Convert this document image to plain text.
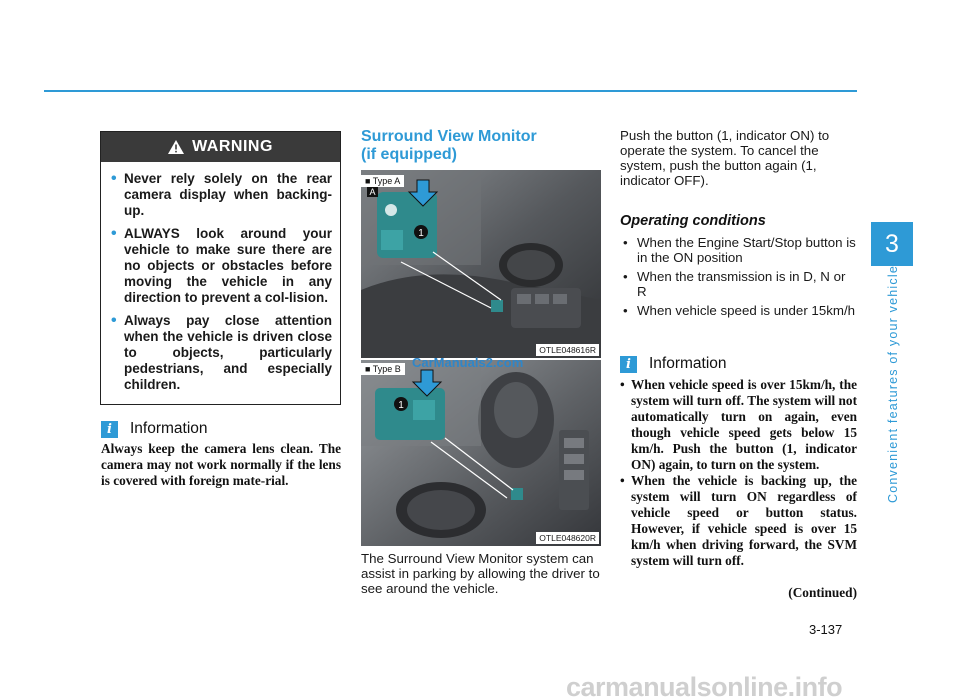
3
Convenient features of your vehicle
WARNING
• Never rely solely on the rear camera display when backing-up.
• ALWAYS look around your vehicle to make sure there are no objects or obstacles before moving the vehicle in any direction to prevent a col-lision.
• Always pay close attention when the vehicle is driven close to objects, particularly pedestrians, and especially children.
i	Information

Always keep the camera lens clean. The camera may not work normally if the lens is covered with foreign mate-rial.

Surround View Monitor
(if equipped)
1
A
■ Type A
OTLE048616R
1
■ Type B
OTLE048620R
CarManuals2.com

The Surround View Monitor system can assist in parking by allowing the driver to see around the vehicle.

Push the button (1, indicator ON) to operate the system. To cancel the system, push the button again (1, indicator OFF).

Operating conditions
• When the Engine Start/Stop button is in the ON position
• When the transmission is in D, N or R
• When vehicle speed is under 15km/h
i	Information
• When vehicle speed is over 15km/h, the system will turn off. The system will not automatically turn on again, even though vehicle speed gets below 15 km/h. Push the button (1, indicator ON) again, to turn on the system.
• When the vehicle is backing up, the system will turn ON regardless of vehicle speed or button status. However, if vehicle speed is over 15 km/h when driving forward, the SVM system will turn off.
(Continued)
3-137
carmanualsonline.info
